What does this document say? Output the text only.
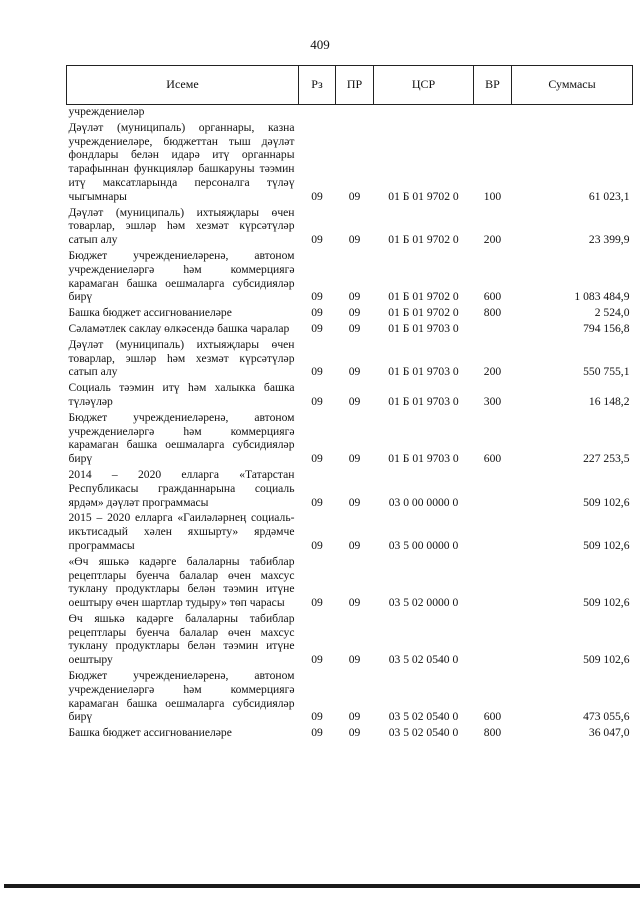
409
Исеме	Рз	ПР	ЦСР	ВР	Суммасы
учреждениеләр					
Дәүләт (муниципаль) органнары, казна учреждениеләре, бюджеттан тыш дәүләт фондлары белән идарә итү органнары тарафыннан функцияләр башкаруны тәэмин итү максатларында персоналга түләү чыгымнары	09	09	01 Б 01 9702 0	100	61 023,1
Дәүләт (муниципаль) ихтыяҗлары өчен товарлар, эшләр һәм хезмәт күрсәтүләр сатып алу	09	09	01 Б 01 9702 0	200	23 399,9
Бюджет учреждениеләренә, автоном учреждениеләргә һәм коммерциягә карамаган башка оешмаларга субсидияләр бирү	09	09	01 Б 01 9702 0	600	1 083 484,9
Башка бюджет ассигнованиеләре	09	09	01 Б 01 9702 0	800	2 524,0
Сәламәтлек саклау өлкәсендә башка чаралар	09	09	01 Б 01 9703 0		794 156,8
Дәүләт (муниципаль) ихтыяҗлары өчен товарлар, эшләр һәм хезмәт күрсәтүләр сатып алу	09	09	01 Б 01 9703 0	200	550 755,1
Социаль тәэмин итү һәм халыкка башка түләүләр	09	09	01 Б 01 9703 0	300	16 148,2
Бюджет учреждениеләренә, автоном учреждениеләргә һәм коммерциягә карамаган башка оешмаларга субсидияләр бирү	09	09	01 Б 01 9703 0	600	227 253,5
2014 – 2020 елларга «Татарстан Республикасы гражданнарына социаль ярдәм» дәүләт программасы	09	09	03 0 00 0000 0		509 102,6
2015 – 2020 елларга «Гаиләләрнең социаль-икътисадый хәлен яхшырту» ярдәмче программасы	09	09	03 5 00 0000 0		509 102,6
«Өч яшькә кадәрге балаларны табиблар рецептлары буенча балалар өчен махсус туклану продуктлары белән тәэмин итүне оештыру өчен шартлар тудыру» төп чарасы	09	09	03 5 02 0000 0		509 102,6
Өч яшькә кадәрге балаларны табиблар рецептлары буенча балалар өчен махсус туклану продуктлары белән тәэмин итүне оештыру	09	09	03 5 02 0540 0		509 102,6
Бюджет учреждениеләренә, автоном учреждениеләргә һәм коммерциягә карамаган башка оешмаларга субсидияләр бирү	09	09	03 5 02 0540 0	600	473 055,6
Башка бюджет ассигнованиеләре	09	09	03 5 02 0540 0	800	36 047,0
